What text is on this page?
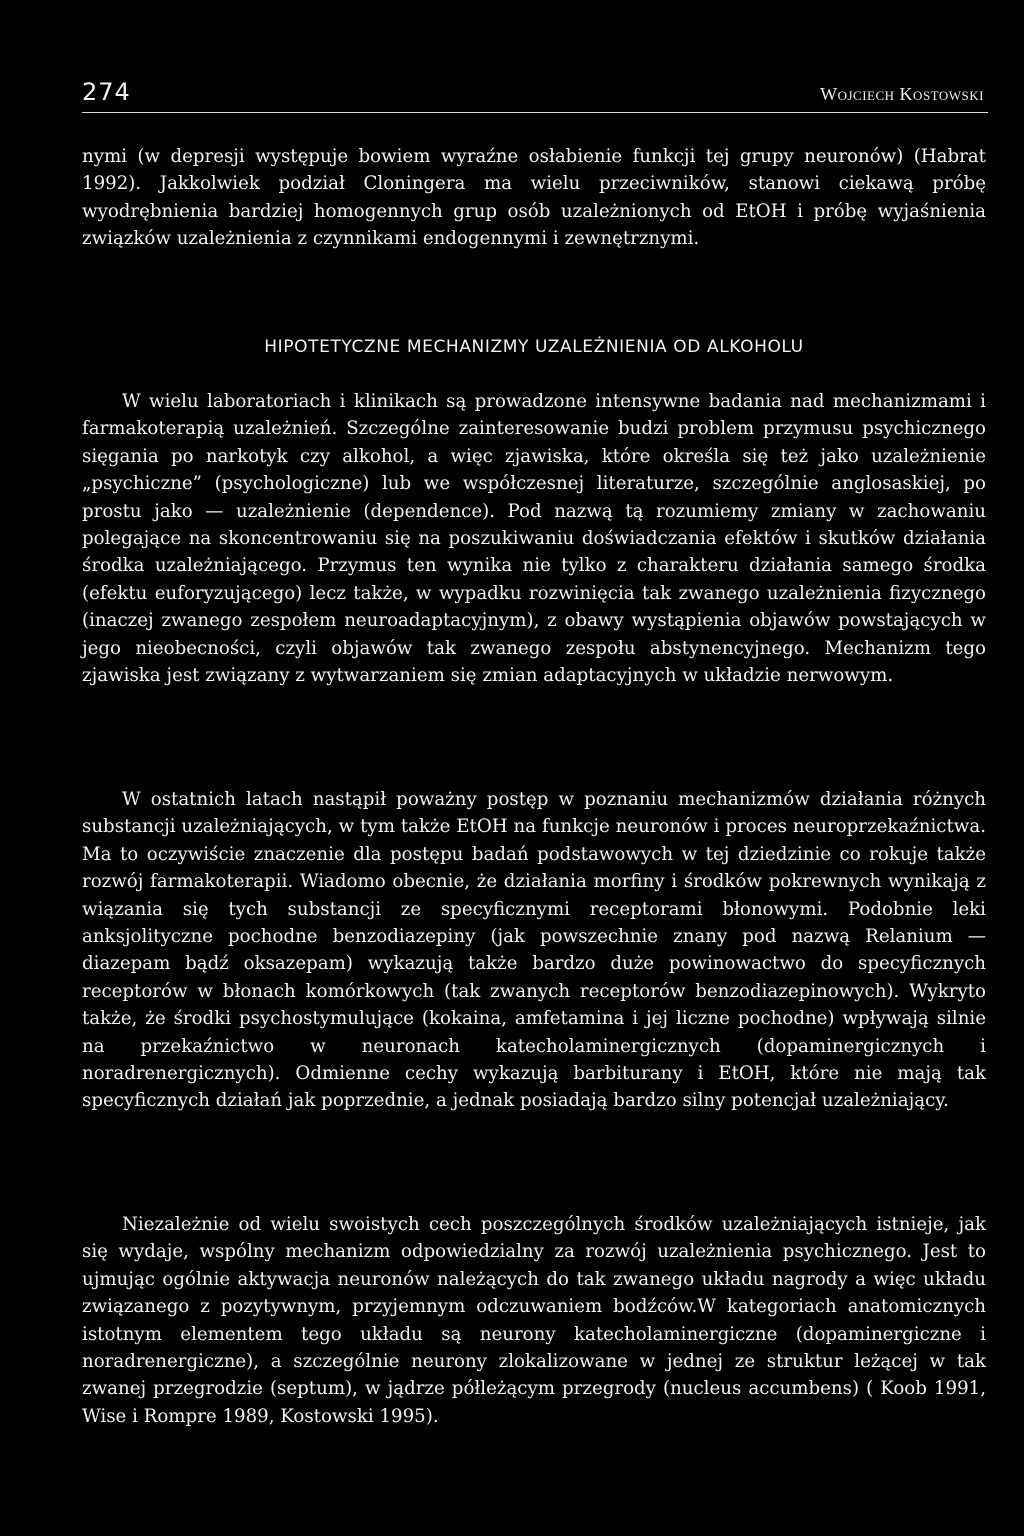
274	Wojciech Kostowski
nymi (w depresji występuje bowiem wyraźne osłabienie funkcji tej grupy neuronów) (Habrat 1992). Jakkolwiek podział Cloningera ma wielu przeciwników, stanowi ciekawą próbę wyodrębnienia bardziej homogennych grup osób uzależnionych od EtOH i próbę wyjaśnienia związków uzależnienia z czynnikami endogennymi i zewnętrznymi.
HIPOTETYCZNE MECHANIZMY UZALEŻNIENIA OD ALKOHOLU
W wielu laboratoriach i klinikach są prowadzone intensywne badania nad mechanizmami i farmakoterapią uzależnień. Szczególne zainteresowanie budzi problem przymusu psychicznego sięgania po narkotyk czy alkohol, a więc zjawiska, które określa się też jako uzależnienie „psychiczne” (psychologiczne) lub we współczesnej literaturze, szczególnie anglosaskiej, po prostu jako — uzależnienie (dependence). Pod nazwą tą rozumiemy zmiany w zachowaniu polegające na skoncentrowaniu się na poszukiwaniu doświadczania efektów i skutków działania środka uzależniającego. Przymus ten wynika nie tylko z charakteru działania samego środka (efektu euforyzującego) lecz także, w wypadku rozwinięcia tak zwanego uzależnienia fizycznego (inaczej zwanego zespołem neuroadaptacyjnym), z obawy wystąpienia objawów powstających w jego nieobecności, czyli objawów tak zwanego zespołu abstynencyjnego. Mechanizm tego zjawiska jest związany z wytwarzaniem się zmian adaptacyjnych w układzie nerwowym.
W ostatnich latach nastąpił poważny postęp w poznaniu mechanizmów działania różnych substancji uzależniających, w tym także EtOH na funkcje neuronów i proces neuroprzekaźnictwa. Ma to oczywiście znaczenie dla postępu badań podstawowych w tej dziedzinie co rokuje także rozwój farmakoterapii. Wiadomo obecnie, że działania morfiny i środków pokrewnych wynikają z wiązania się tych substancji ze specyficznymi receptorami błonowymi. Podobnie leki anksjolityczne pochodne benzodiazepiny (jak powszechnie znany pod nazwą Relanium — diazepam bądź oksazepam) wykazują także bardzo duże powinowactwo do specyficznych receptorów w błonach komórkowych (tak zwanych receptorów benzodiazepinowych). Wykryto także, że środki psychostymulujące (kokaina, amfetamina i jej liczne pochodne) wpływają silnie na przekaźnictwo w neuronach katecholaminergicznych (dopaminergicznych i noradrenergicznych). Odmienne cechy wykazują barbiturany i EtOH, które nie mają tak specyficznych działań jak poprzednie, a jednak posiadają bardzo silny potencjał uzależniający.
Niezależnie od wielu swoistych cech poszczególnych środków uzależniających istnieje, jak się wydaje, wspólny mechanizm odpowiedzialny za rozwój uzależnienia psychicznego. Jest to ujmując ogólnie aktywacja neuronów należących do tak zwanego układu nagrody a więc układu związanego z pozytywnym, przyjemnym odczuwaniem bodźców.W kategoriach anatomicznych istotnym elementem tego układu są neurony katecholaminergiczne (dopaminergiczne i noradrenergiczne), a szczególnie neurony zlokalizowane w jednej ze struktur leżącej w tak zwanej przegrodzie (septum), w jądrze półleżącym przegrody (nucleus accumbens) ( Koob 1991, Wise i Rompre 1989, Kostowski 1995).
